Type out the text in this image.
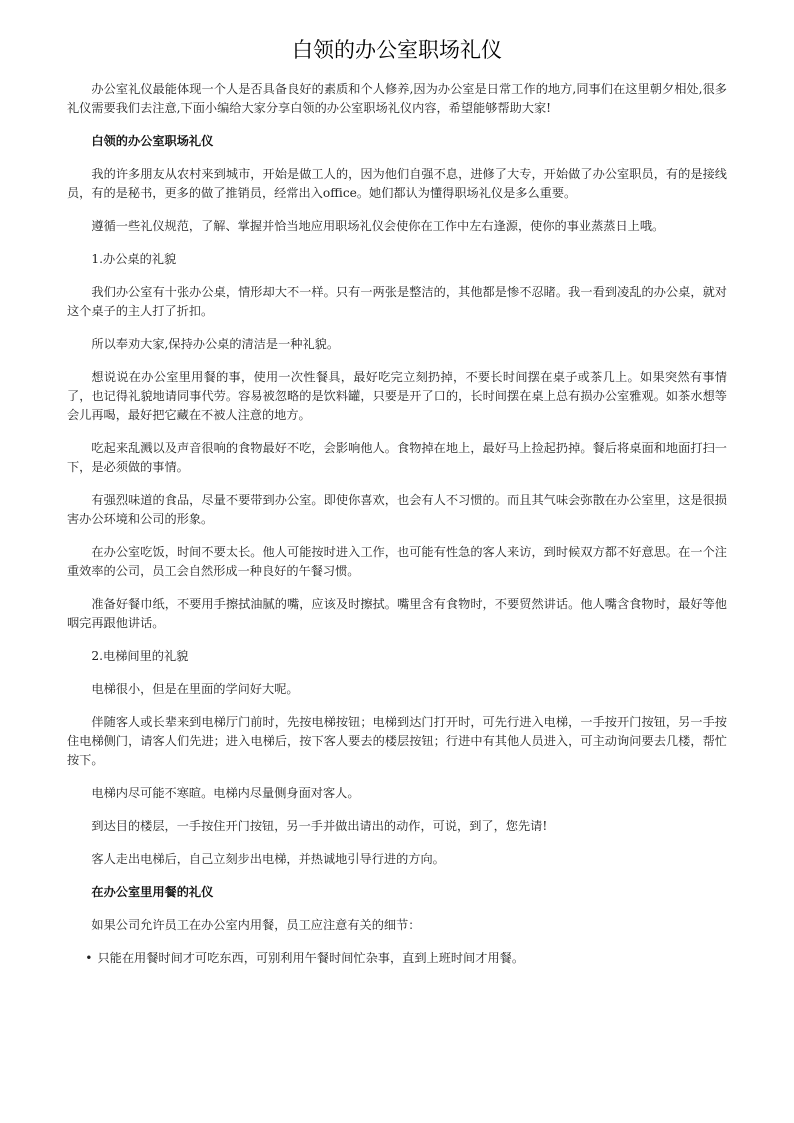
白领的办公室职场礼仪

办公室礼仪最能体现一个人是否具备良好的素质和个人修养,因为办公室是日常工作的地方,同事们在这里朝夕相处,很多礼仪需要我们去注意,下面小编给大家分享白领的办公室职场礼仪内容，希望能够帮助大家!

白领的办公室职场礼仪

我的许多朋友从农村来到城市，开始是做工人的，因为他们自强不息，进修了大专，开始做了办公室职员，有的是接线员，有的是秘书，更多的做了推销员，经常出入office。她们都认为懂得职场礼仪是多么重要。

遵循一些礼仪规范，了解、掌握并恰当地应用职场礼仪会使你在工作中左右逢源，使你的事业蒸蒸日上哦。

1.办公桌的礼貌

我们办公室有十张办公桌，情形却大不一样。只有一两张是整洁的，其他都是惨不忍睹。我一看到凌乱的办公桌，就对这个桌子的主人打了折扣。

所以奉劝大家,保持办公桌的清洁是一种礼貌。

想说说在办公室里用餐的事，使用一次性餐具，最好吃完立刻扔掉，不要长时间摆在桌子或茶几上。如果突然有事情了，也记得礼貌地请同事代劳。容易被忽略的是饮料罐，只要是开了口的，长时间摆在桌上总有损办公室雅观。如茶水想等会儿再喝，最好把它藏在不被人注意的地方。

吃起来乱溅以及声音很响的食物最好不吃，会影响他人。食物掉在地上，最好马上捡起扔掉。餐后将桌面和地面打扫一下，是必须做的事情。

有强烈味道的食品，尽量不要带到办公室。即使你喜欢，也会有人不习惯的。而且其气味会弥散在办公室里，这是很损害办公环境和公司的形象。

在办公室吃饭，时间不要太长。他人可能按时进入工作，也可能有性急的客人来访，到时候双方都不好意思。在一个注重效率的公司，员工会自然形成一种良好的午餐习惯。

准备好餐巾纸，不要用手擦拭油腻的嘴，应该及时擦拭。嘴里含有食物时，不要贸然讲话。他人嘴含食物时，最好等他咽完再跟他讲话。

2.电梯间里的礼貌

电梯很小，但是在里面的学问好大呢。

伴随客人或长辈来到电梯厅门前时，先按电梯按钮；电梯到达门打开时，可先行进入电梯，一手按开门按钮，另一手按住电梯侧门，请客人们先进；进入电梯后，按下客人要去的楼层按钮；行进中有其他人员进入，可主动询问要去几楼，帮忙按下。

电梯内尽可能不寒暄。电梯内尽量侧身面对客人。

到达目的楼层，一手按住开门按钮，另一手并做出请出的动作，可说，到了，您先请!

客人走出电梯后，自己立刻步出电梯，并热诚地引导行进的方向。

在办公室里用餐的礼仪

如果公司允许员工在办公室内用餐，员工应注意有关的细节：

• 只能在用餐时间才可吃东西，可别利用午餐时间忙杂事，直到上班时间才用餐。
